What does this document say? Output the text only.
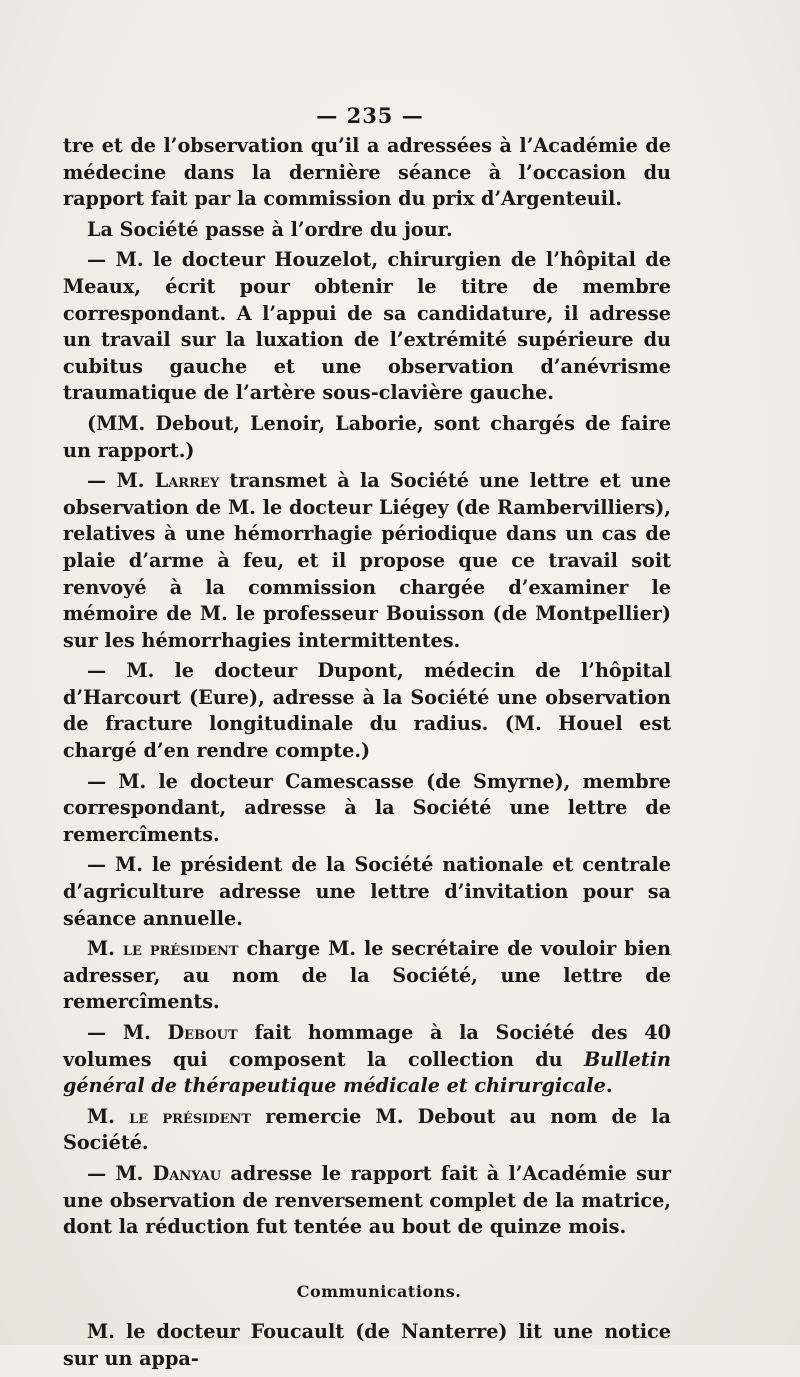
— 235 —

tre et de l’observation qu’il a adressées à l’Académie de médecine dans la dernière séance à l’occasion du rapport fait par la commission du prix d’Argenteuil.

La Société passe à l’ordre du jour.

— M. le docteur Houzelot, chirurgien de l’hôpital de Meaux, écrit pour obtenir le titre de membre correspondant. A l’appui de sa candidature, il adresse un travail sur la luxation de l’extrémité supérieure du cubitus gauche et une observation d’anévrisme traumatique de l’artère sous-clavière gauche.

(MM. Debout, Lenoir, Laborie, sont chargés de faire un rapport.)

— M. Larrey transmet à la Société une lettre et une observation de M. le docteur Liégey (de Rambervilliers), relatives à une hémorrhagie périodique dans un cas de plaie d’arme à feu, et il propose que ce travail soit renvoyé à la commission chargée d’examiner le mémoire de M. le professeur Bouisson (de Montpellier) sur les hémorrhagies intermittentes.

— M. le docteur Dupont, médecin de l’hôpital d’Harcourt (Eure), adresse à la Société une observation de fracture longitudinale du radius. (M. Houel est chargé d’en rendre compte.)

— M. le docteur Camescasse (de Smyrne), membre correspondant, adresse à la Société une lettre de remercîments.

— M. le président de la Société nationale et centrale d’agriculture adresse une lettre d’invitation pour sa séance annuelle.

M. le président charge M. le secrétaire de vouloir bien adresser, au nom de la Société, une lettre de remercîments.

— M. Debout fait hommage à la Société des 40 volumes qui composent la collection du Bulletin général de thérapeutique médicale et chirurgicale.

M. le président remercie M. Debout au nom de la Société.

— M. Danyau adresse le rapport fait à l’Académie sur une observation de renversement complet de la matrice, dont la réduction fut tentée au bout de quinze mois.

Communications.

M. le docteur Foucault (de Nanterre) lit une notice sur un appa-
